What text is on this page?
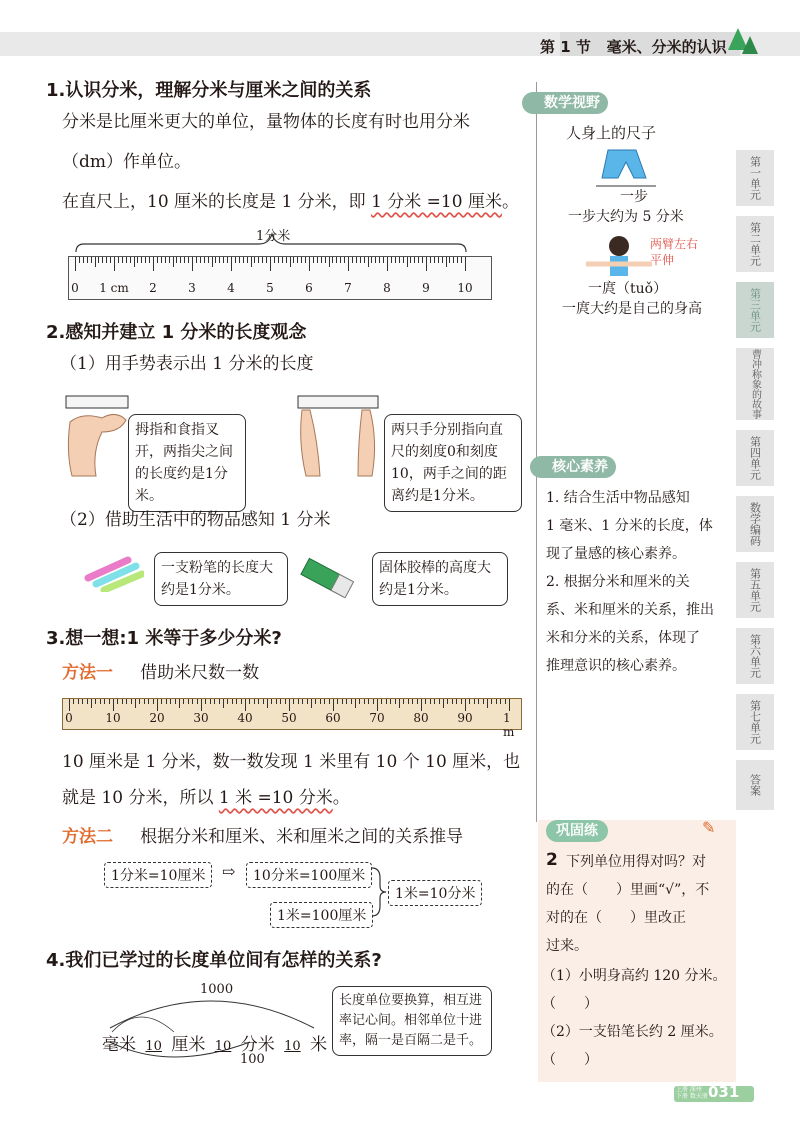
第 1 节 毫米、分米的认识
第一单元
第二单元
第三单元
曹冲称象的故事
第四单元
数学编码
第五单元
第六单元
第七单元
答案
1.认识分米，理解分米与厘米之间的关系
分米是比厘米更大的单位，量物体的长度有时也用分米
（dm）作单位。
在直尺上，10 厘米的长度是 1 分米，即 1 分米 =10 厘米。
1分米
0 1 cm 2	3	4	5	6	7	8	9 10
2.感知并建立 1 分米的长度观念
（1）用手势表示出 1 分米的长度
拇指和食指叉开，两指尖之间的长度约是1分米。
两只手分别指向直尺的刻度0和刻度10，两手之间的距离约是1分米。
（2）借助生活中的物品感知 1 分米
一支粉笔的长度大约是1分米。
固体胶棒的高度大约是1分米。
3.想一想:1 米等于多少分米?
方法一 借助米尺数一数
0	10 20 30 40 50 60 70 80 90	1 m
10 厘米是 1 分米，数一数发现 1 米里有 10 个 10 厘米，也
就是 10 分米，所以 1 米 =10 分米。
方法二 根据分米和厘米、米和厘米之间的关系推导
1分米=10厘米	⇨	10分米=100厘米
1米=100厘米
1米=10分米
4.我们已学过的长度单位间有怎样的关系?
1000
100
毫米 10 厘米 10 分米 10 米
长度单位要换算，相互进率记心间。相邻单位十进率，隔一是百隔二是千。
数学视野
人身上的尺子
一步
一步大约为 5 分米
两臂左右平伸
一庹（tuǒ）
一庹大约是自己的身高
核心素养
1. 结合生活中物品感知
1 毫米、1 分米的长度，体
现了量感的核心素养。
2. 根据分米和厘米的关
系、米和厘米的关系，推出
米和分米的关系，体现了
推理意识的核心素养。
巩固练	✎
2 下列单位用得对吗？对
的在（　　）里画“√”，不
对的在（　　）里改正
过来。
（1）小明身高约 120 分米。
（　　）
（2）一支铅笔长约 2 厘米。
（　　）
上册 深州 下册 数天册 031
